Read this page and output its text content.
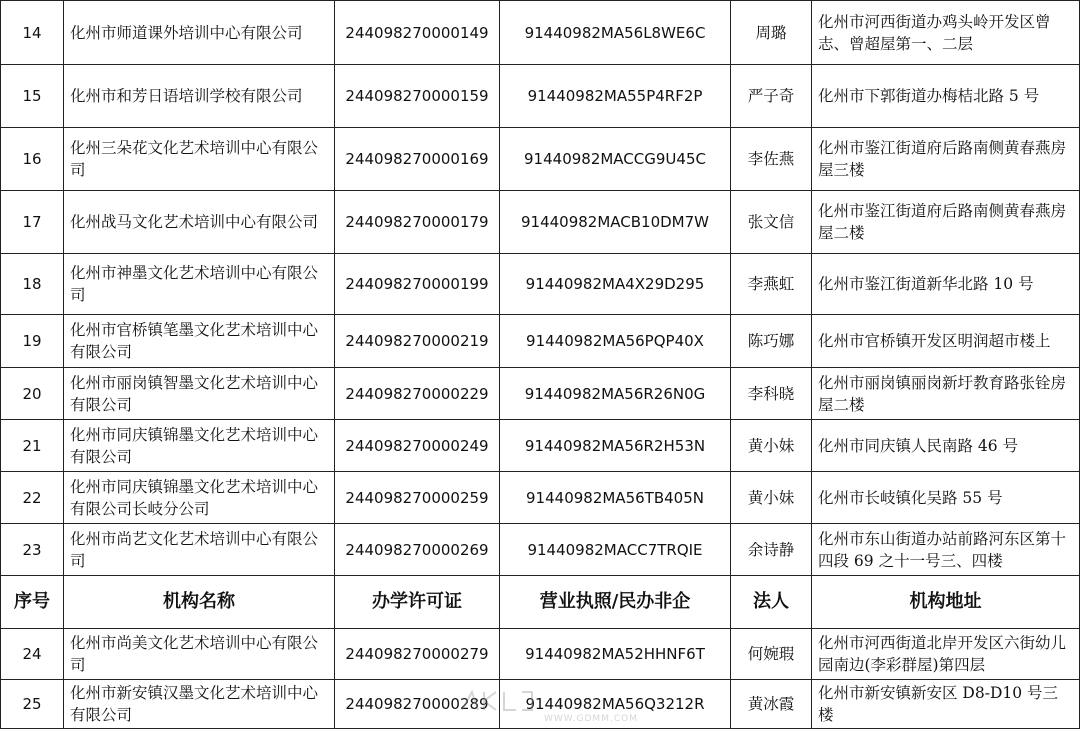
14	化州市师道课外培训中心有限公司	244098270000149	91440982MA56L8WE6C	周璐	化州市河西街道办鸡头岭开发区曾志、曾超屋第一、二层
15	化州市和芳日语培训学校有限公司	244098270000159	91440982MA55P4RF2P	严子奇	化州市下郭街道办梅桔北路 5 号
16	化州三朵花文化艺术培训中心有限公司	244098270000169	91440982MACCG9U45C	李佐燕	化州市鉴江街道府后路南侧黄春燕房屋三楼
17	化州战马文化艺术培训中心有限公司	244098270000179	91440982MACB10DM7W	张文信	化州市鉴江街道府后路南侧黄春燕房屋二楼
18	化州市神墨文化艺术培训中心有限公司	244098270000199	91440982MA4X29D295	李燕虹	化州市鉴江街道新华北路 10 号
19	化州市官桥镇笔墨文化艺术培训中心有限公司	244098270000219	91440982MA56PQP40X	陈巧娜	化州市官桥镇开发区明润超市楼上
20	化州市丽岗镇智墨文化艺术培训中心有限公司	244098270000229	91440982MA56R26N0G	李科晓	化州市丽岗镇丽岗新圩教育路张铨房屋二楼
21	化州市同庆镇锦墨文化艺术培训中心有限公司	244098270000249	91440982MA56R2H53N	黄小妹	化州市同庆镇人民南路 46 号
22	化州市同庆镇锦墨文化艺术培训中心有限公司长岐分公司	244098270000259	91440982MA56TB405N	黄小妹	化州市长岐镇化吴路 55 号
23	化州市尚艺文化艺术培训中心有限公司	244098270000269	91440982MACC7TRQIE	余诗静	化州市东山街道办站前路河东区第十四段 69 之十一号三、四楼
序号	机构名称	办学许可证	营业执照/民办非企	法人	机构地址
24	化州市尚美文化艺术培训中心有限公司	244098270000279	91440982MA52HHNF6T	何婉瑕	化州市河西街道北岸开发区六街幼儿园南边(李彩群屋)第四层
25	化州市新安镇汉墨文化艺术培训中心有限公司	244098270000289	91440982MA56Q3212R	黄冰霞	化州市新安镇新安区 D8-D10 号三楼
WWW.GDMM.COM
